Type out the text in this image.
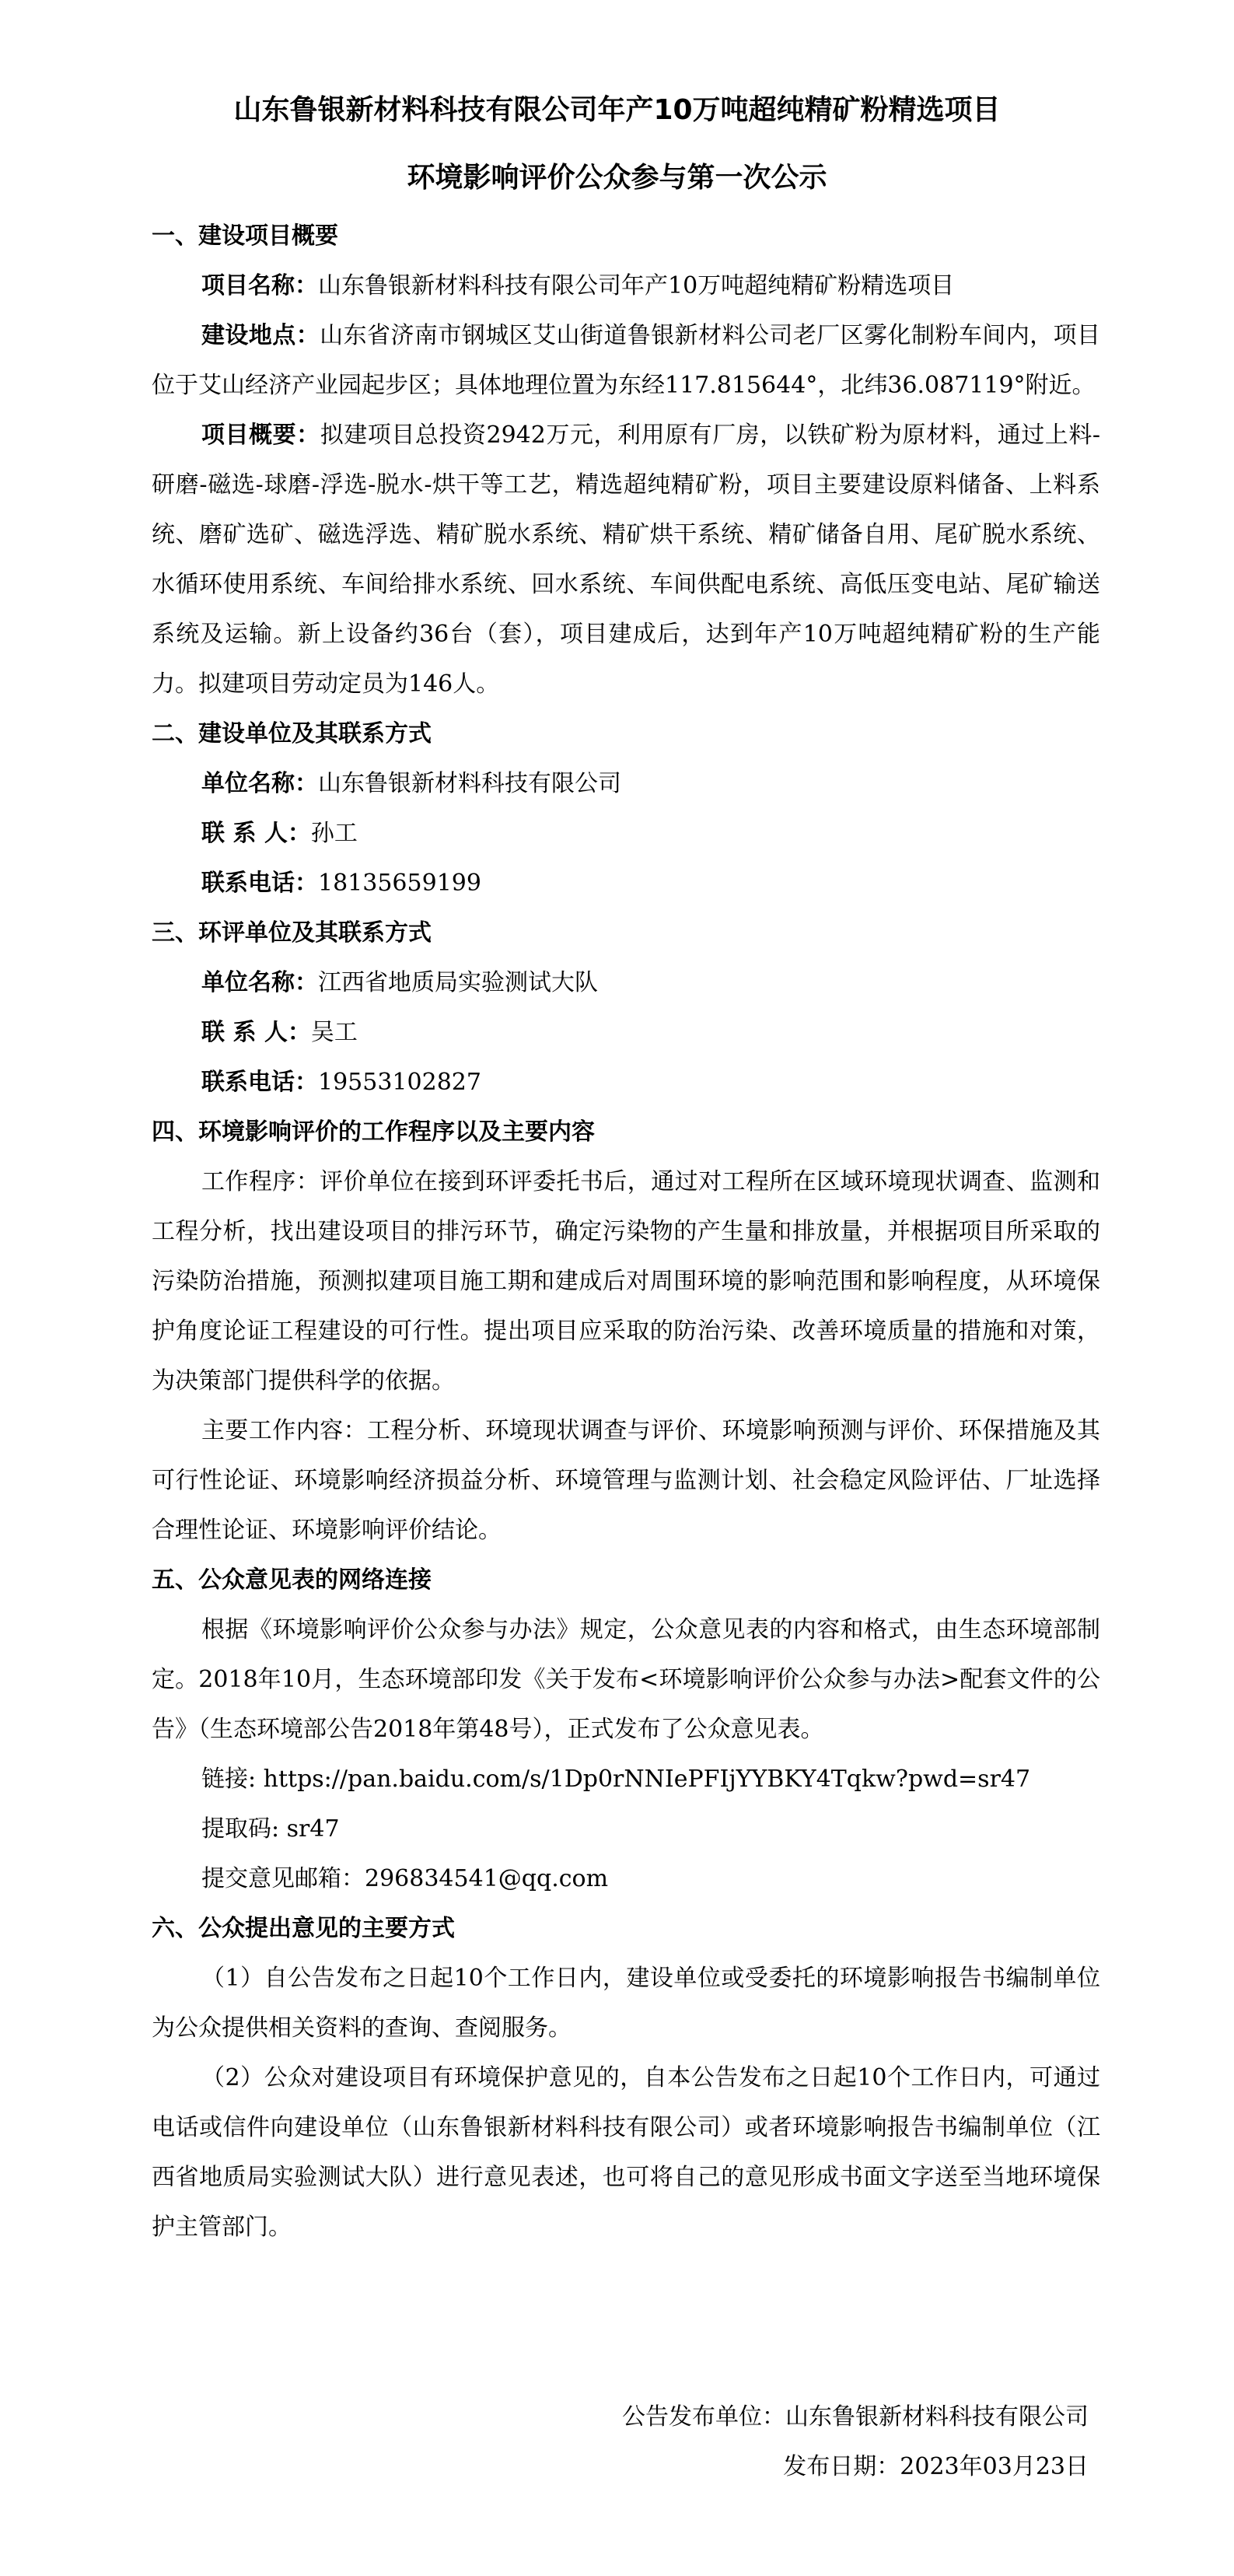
山东鲁银新材料科技有限公司年产10万吨超纯精矿粉精选项目
环境影响评价公众参与第一次公示

一、建设项目概要

项目名称：山东鲁银新材料科技有限公司年产10万吨超纯精矿粉精选项目

建设地点：山东省济南市钢城区艾山街道鲁银新材料公司老厂区雾化制粉车间内，项目位于艾山经济产业园起步区；具体地理位置为东经117.815644°，北纬36.087119°附近。

项目概要：拟建项目总投资2942万元，利用原有厂房，以铁矿粉为原材料，通过上料-研磨-磁选-球磨-浮选-脱水-烘干等工艺，精选超纯精矿粉，项目主要建设原料储备、上料系统、磨矿选矿、磁选浮选、精矿脱水系统、精矿烘干系统、精矿储备自用、尾矿脱水系统、水循环使用系统、车间给排水系统、回水系统、车间供配电系统、高低压变电站、尾矿输送系统及运输。新上设备约36台（套），项目建成后，达到年产10万吨超纯精矿粉的生产能力。拟建项目劳动定员为146人。

二、建设单位及其联系方式

单位名称：山东鲁银新材料科技有限公司

联 系 人：孙工

联系电话：18135659199

三、环评单位及其联系方式

单位名称：江西省地质局实验测试大队

联 系 人：吴工

联系电话：19553102827

四、环境影响评价的工作程序以及主要内容

工作程序：评价单位在接到环评委托书后，通过对工程所在区域环境现状调查、监测和工程分析，找出建设项目的排污环节，确定污染物的产生量和排放量，并根据项目所采取的污染防治措施，预测拟建项目施工期和建成后对周围环境的影响范围和影响程度，从环境保护角度论证工程建设的可行性。提出项目应采取的防治污染、改善环境质量的措施和对策，为决策部门提供科学的依据。

主要工作内容：工程分析、环境现状调查与评价、环境影响预测与评价、环保措施及其可行性论证、环境影响经济损益分析、环境管理与监测计划、社会稳定风险评估、厂址选择合理性论证、环境影响评价结论。

五、公众意见表的网络连接

根据《环境影响评价公众参与办法》规定，公众意见表的内容和格式，由生态环境部制定。2018年10月，生态环境部印发《关于发布<环境影响评价公众参与办法>配套文件的公告》（生态环境部公告2018年第48号），正式发布了公众意见表。

链接: https://pan.baidu.com/s/1Dp0rNNIePFIjYYBKY4Tqkw?pwd=sr47

提取码: sr47

提交意见邮箱：296834541@qq.com

六、公众提出意见的主要方式

（1）自公告发布之日起10个工作日内，建设单位或受委托的环境影响报告书编制单位为公众提供相关资料的查询、查阅服务。

（2）公众对建设项目有环境保护意见的，自本公告发布之日起10个工作日内，可通过电话或信件向建设单位（山东鲁银新材料科技有限公司）或者环境影响报告书编制单位（江西省地质局实验测试大队）进行意见表述，也可将自己的意见形成书面文字送至当地环境保护主管部门。

公告发布单位：山东鲁银新材料科技有限公司
发布日期：2023年03月23日
